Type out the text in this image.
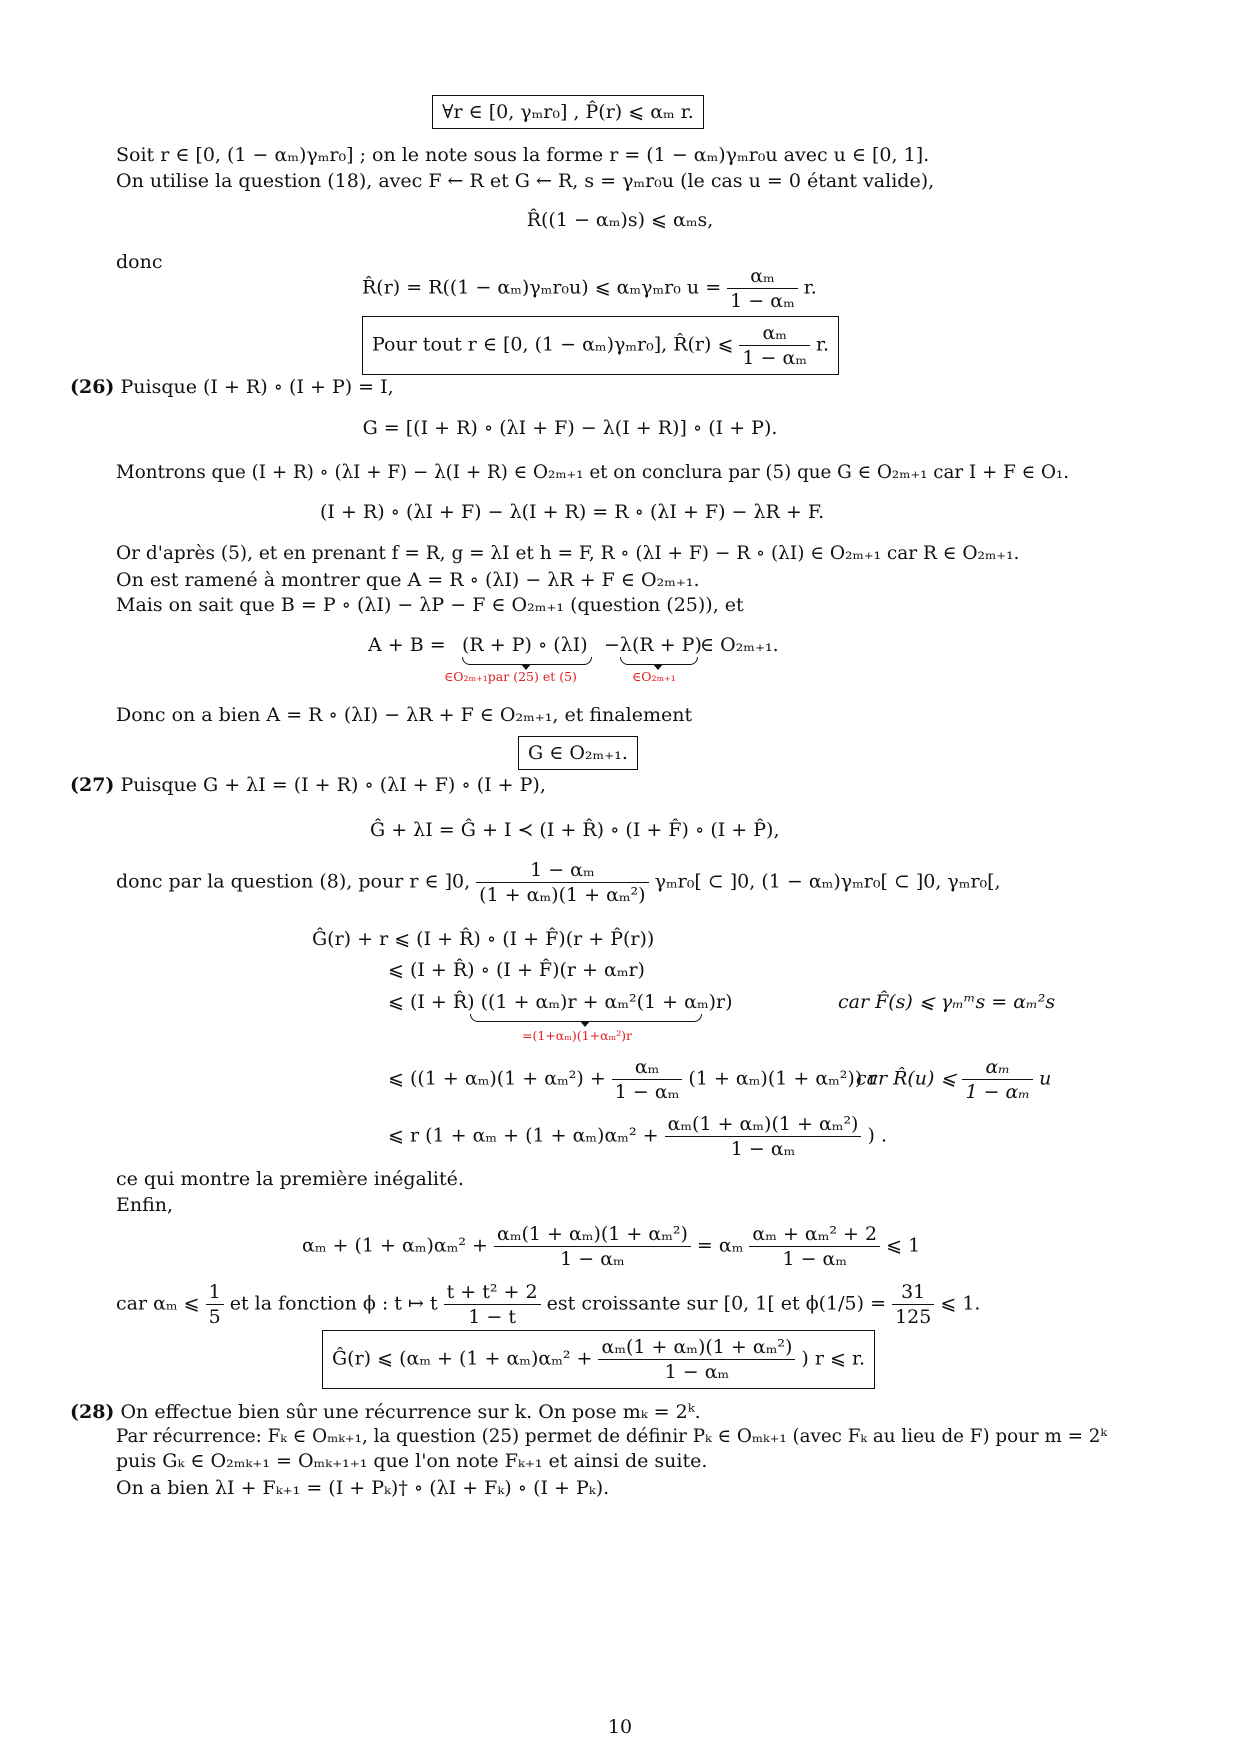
∀r ∈ [0, γₘr₀] , P̂(r) ⩽ αₘ r.
Soit r ∈ [0, (1 − αₘ)γₘr₀] ; on le note sous la forme r = (1 − αₘ)γₘr₀u avec u ∈ [0, 1].
On utilise la question (18), avec F ← R et G ← R, s = γₘr₀u (le cas u = 0 étant valide),
R̂((1 − αₘ)s) ⩽ αₘs,
donc
R̂(r) = R((1 − αₘ)γₘr₀u) ⩽ αₘγₘr₀ $u = \frac{\text{αₘ}}{\text{1 − αₘ}} r$.
Pour tout r ∈ [0, (1 − αₘ)γₘr₀], R̂(r) ⩽ $\frac{\text{αₘ}}{\text{1 − αₘ}} r$.
(26) Puisque (I + R) ∘ (I + P) = I,
G = [(I + R) ∘ (λI + F) − λ(I + R)] ∘ (I + P).
Montrons que (I + R) ∘ (λI + F) − λ(I + R) ∈ O₂ₘ₊₁ et on conclura par (5) que G ∈ O₂ₘ₊₁ car I + F ∈ O₁.
(I + R) ∘ (λI + F) − λ(I + R) = R ∘ (λI + F) − λR + F.
Or d'après (5), et en prenant f = R, g = λI et h = F, R ∘ (λI + F) − R ∘ (λI) ∈ O₂ₘ₊₁ car R ∈ O₂ₘ₊₁.
On est ramené à montrer que A = R ∘ (λI) − λR + F ∈ O₂ₘ₊₁.
Mais on sait que B = P ∘ (λI) − λP − F ∈ O₂ₘ₊₁ (question (25)), et
A + B = (R + P) ∘ (λI) −λ(R + P)
∈ O₂ₘ₊₁.
∈O₂ₘ₊₁par (25) et (5)	∈O₂ₘ₊₁
Donc on a bien A = R ∘ (λI) − λR + F ∈ O₂ₘ₊₁, et finalement
G ∈ O₂ₘ₊₁.
(27) Puisque G + λI = (I + R) ∘ (λI + F) ∘ (I + P),
Ĝ + λI = Ĝ + I ≺ (I + R̂) ∘ (I + F̂) ∘ (I + P̂),
donc par la question (8), pour r ∈ ]0, $\frac{\text{1 − αₘ}}{\text{(1 + αₘ)(1 + αₘ²)}} \gamma_mr_0$[ ⊂ ]0, (1 − αₘ)γₘr₀[ ⊂ ]0, γₘr₀[,
Ĝ(r) + r ⩽ (I + R̂) ∘ (I + F̂)(r + P̂(r))
⩽ (I + R̂) ∘ (I + F̂)(r + αₘr)
⩽ (I + R̂) ((1 + αₘ)r + αₘ²(1 + αₘ)r)	car F̂(s) ⩽ γₘᵐs = αₘ²s
=(1+αₘ)(1+αₘ²)r
⩽ $((1 + \alpha_m)(1 + \alpha_m^2) + \frac{\text{αₘ}}{\text{1 − αₘ}} (1 + \alpha_m)(1 + \alpha_m^2))$ r
car R̂(u) ⩽ $\frac{\text{αₘ}}{\text{1 − αₘ}}$ u
⩽ r ($1 + \alpha_m + (1 + \alpha_m)\alpha_m^2 + \frac{\text{αₘ(1 + αₘ)(1 + αₘ²)}}{\text{1 − αₘ}}$ ) .
ce qui montre la première inégalité.
Enfin,
$\alpha_m + (1 + \alpha_m)\alpha_m^2 + \frac{\text{αₘ(1 + αₘ)(1 + αₘ²)}}{\text{1 − αₘ}} = \alpha_m \frac{\text{αₘ + αₘ² + 2}}{\text{1 − αₘ}}$ ⩽ 1
car αₘ ⩽ $\frac{1}{5}$ et la fonction ϕ : t ↦ t $\frac{\text{t + t² + 2}}{1 - t}$ est croissante sur [0, 1[ et $\phi(1/5) = \frac{31}{125}$ ⩽ 1.
Ĝ(r) ⩽ ($\alpha_m + (1 + \alpha_m)\alpha_m^2 + \frac{\text{αₘ(1 + αₘ)(1 + αₘ²)}}{\text{1 − αₘ}}$ ) r ⩽ r.
(28) On effectue bien sûr une récurrence sur k. On pose mₖ = 2ᵏ.
Par récurrence: Fₖ ∈ Oₘₖ₊₁, la question (25) permet de définir Pₖ ∈ Oₘₖ₊₁ (avec Fₖ au lieu de F) pour m = 2ᵏ
puis Gₖ ∈ O₂ₘₖ₊₁ = Oₘₖ₊₁₊₁ que l'on note Fₖ₊₁ et ainsi de suite.
On a bien λI + Fₖ₊₁ = (I + Pₖ)† ∘ (λI + Fₖ) ∘ (I + Pₖ).
10
